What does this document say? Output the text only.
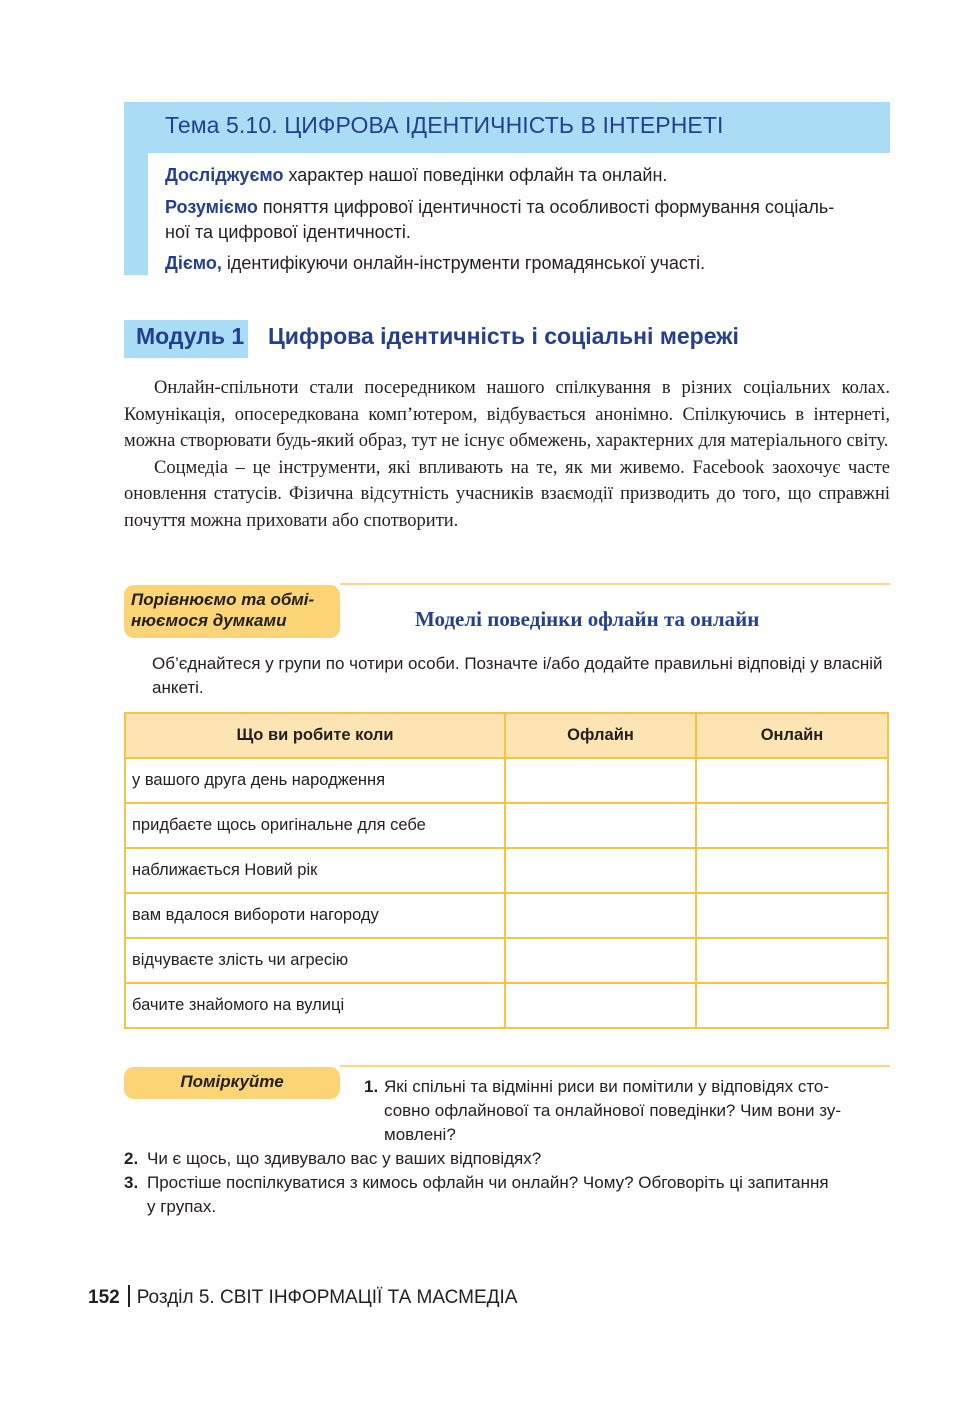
Тема 5.10. ЦИФРОВА ІДЕНТИЧНІСТЬ В ІНТЕРНЕТІ
Досліджуємо характер нашої поведінки офлайн та онлайн.
Розуміємо поняття цифрової ідентичності та особливості формування соціаль-
ної та цифрової ідентичності.
Діємо, ідентифікуючи онлайн-інструменти громадянської участі.
Модуль 1 Цифрова ідентичність і соціальні мережі

Онлайн-спільноти стали посередником нашого спілкування в різних соціальних колах. Комунікація, опосередкована комп’ютером, відбувається анонімно. Спілкуючись в інтернеті, можна створювати будь-який образ, тут не існує обмежень, характерних для матеріального світу.

Соцмедіа – це інструменти, які впливають на те, як ми живемо. Facebook заохочує часте оновлення статусів. Фізична відсутність учасників взаємодії призводить до того, що справжні почуття можна приховати або спотворити.

Порівнюємо та обмі-
нюємося думками	Моделі поведінки офлайн та онлайн
Об’єднайтеся у групи по чотири особи. Позначте і/або додайте правильні відповіді у власній анкеті.
Що ви робите коли	Офлайн	Онлайн
у вашого друга день народження		
придбаєте щось оригінальне для себе		
наближається Новий рік		
вам вдалося вибороти нагороду		
відчуваєте злість чи агресію		
бачите знайомого на вулиці		
Поміркуйте	1. Які спільні та відмінні риси ви помітили у відповідях сто-
совно офлайнової та онлайнової поведінки? Чим вони зу-
мовлені?
2. Чи є щось, що здивувало вас у ваших відповідях?
3. Простіше поспілкуватися з кимось офлайн чи онлайн? Чому? Обговоріть ці запитання
у групах.
152 Розділ 5. СВІТ ІНФОРМАЦІЇ ТА МАСМЕДІА
